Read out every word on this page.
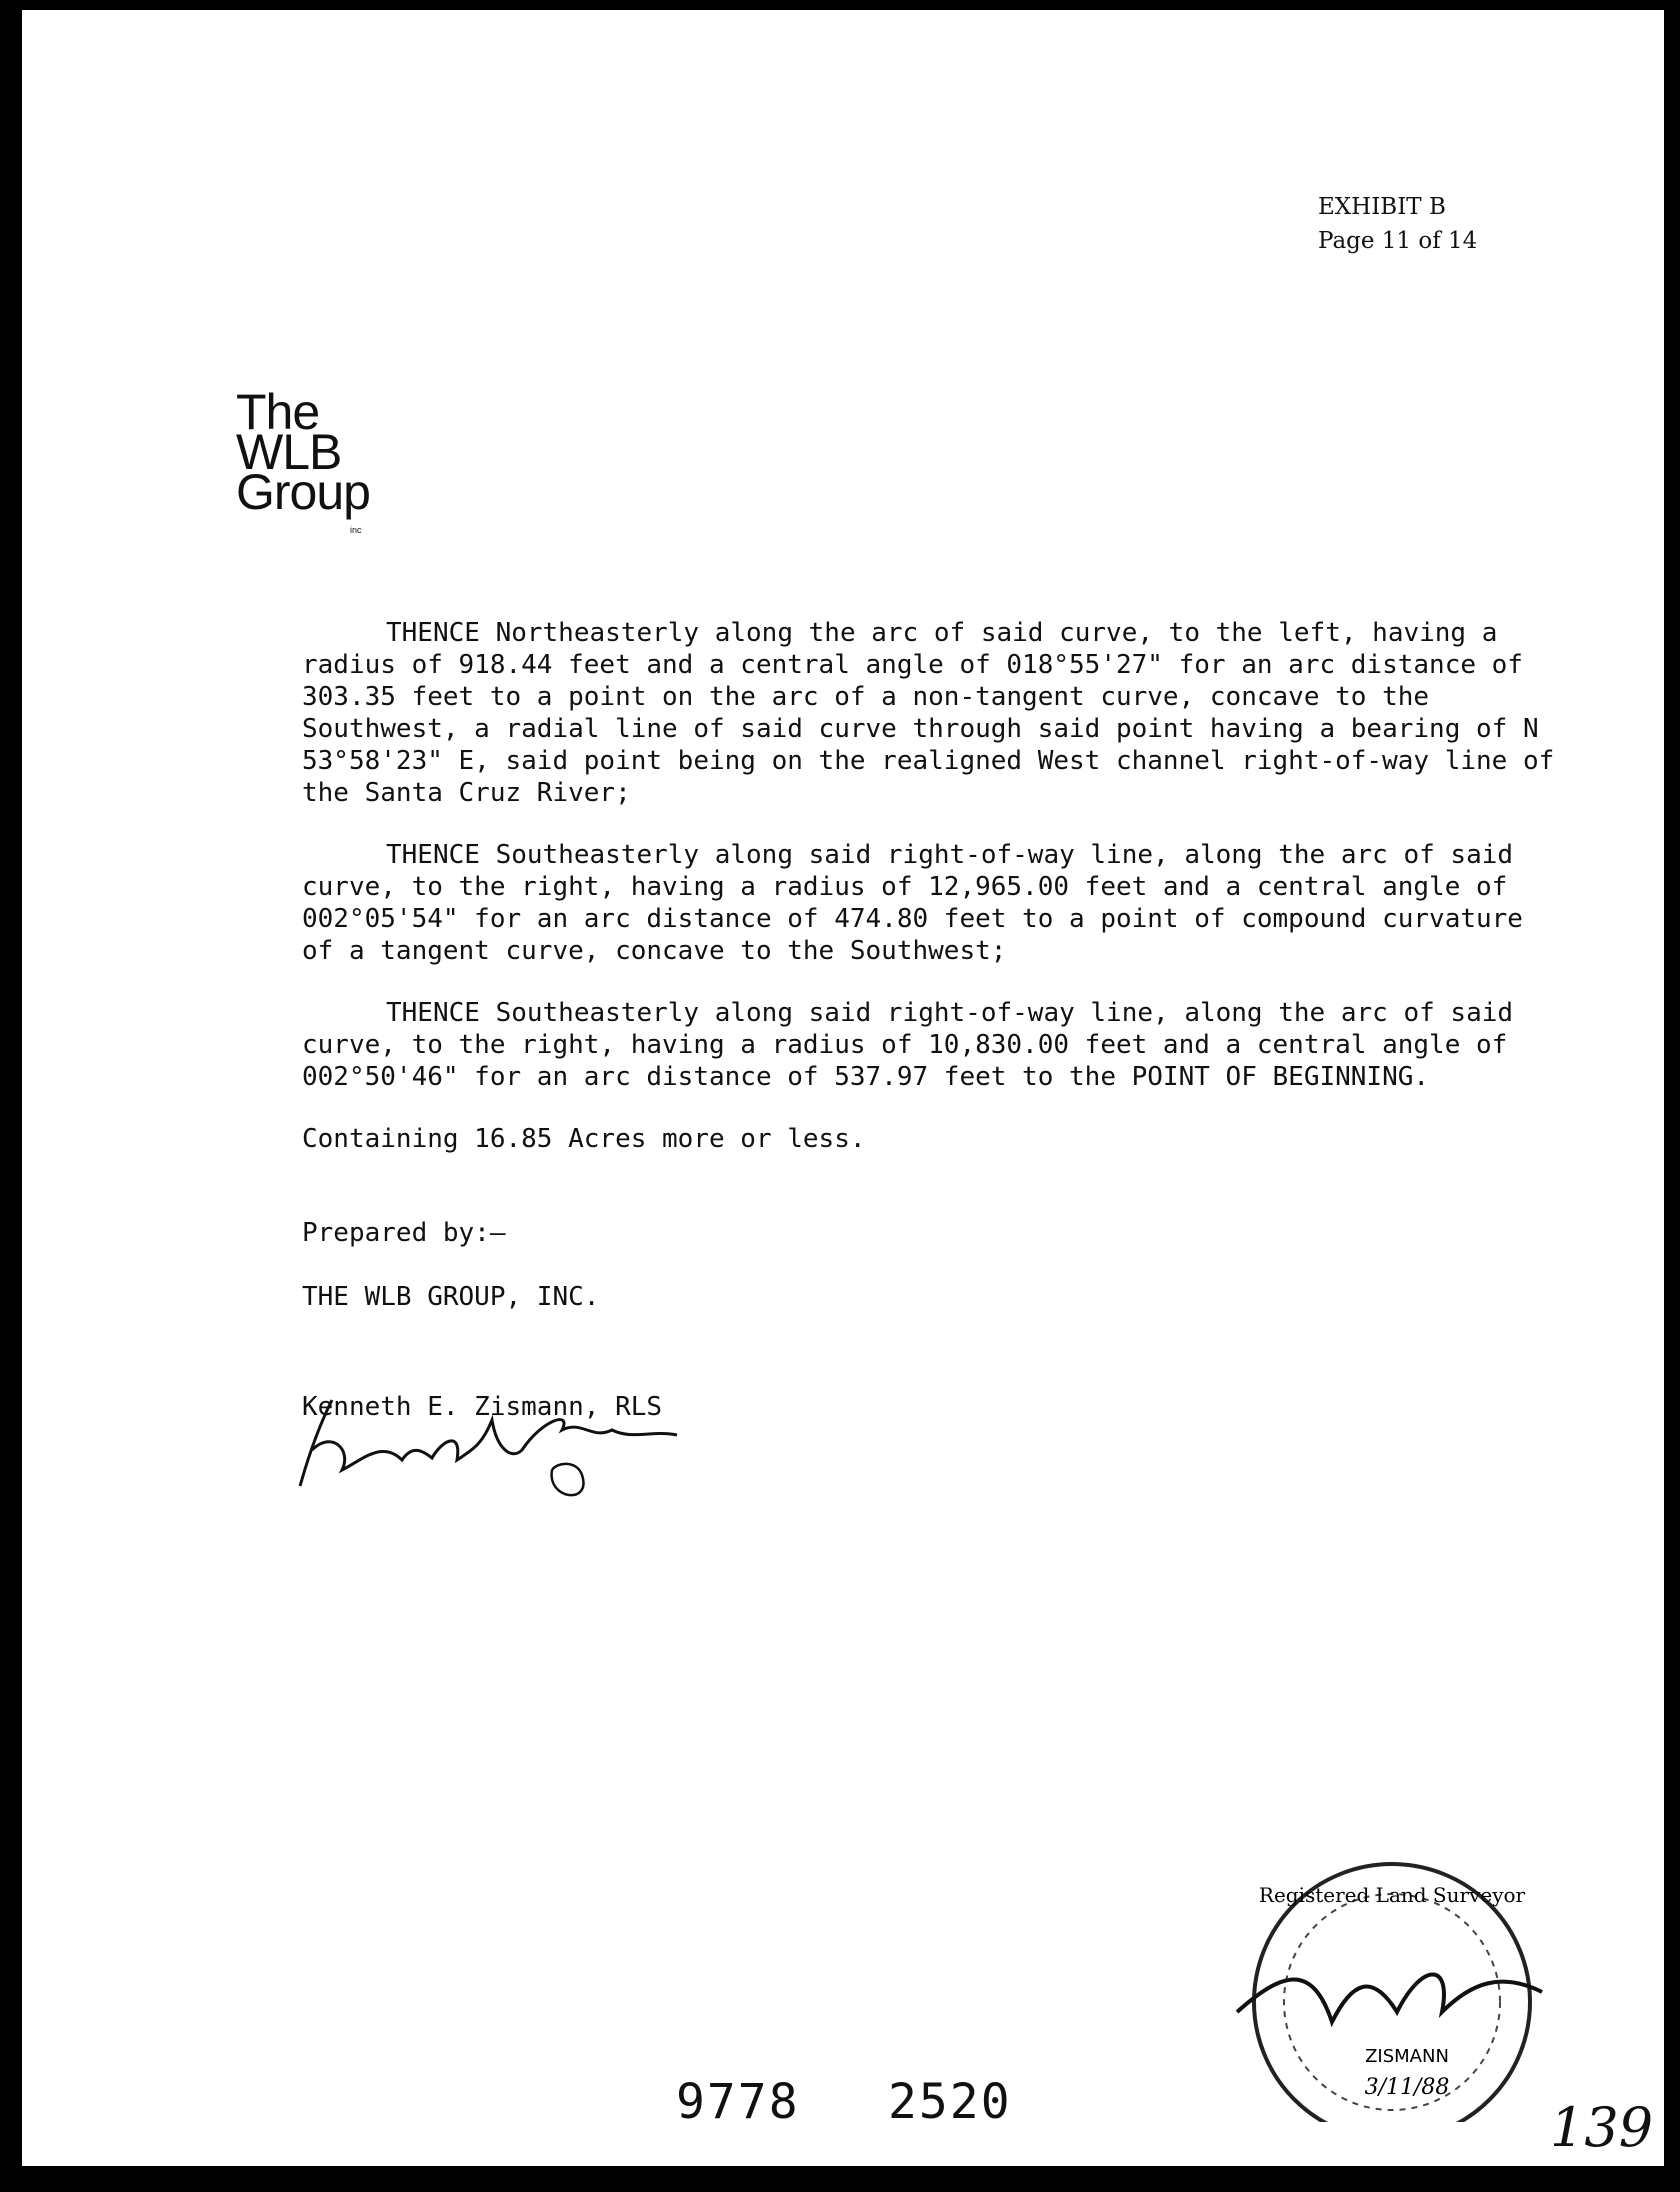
EXHIBIT B
Page 11 of 14
The
WLB
Group
inc

THENCE Northeasterly along the arc of said curve, to the left, having a radius of 918.44 feet and a central angle of 018°55'27" for an arc distance of 303.35 feet to a point on the arc of a non-tangent curve, concave to the Southwest, a radial line of said curve through said point having a bearing of N 53°58'23" E, said point being on the realigned West channel right-of-way line of the Santa Cruz River;

THENCE Southeasterly along said right-of-way line, along the arc of said curve, to the right, having a radius of 12,965.00 feet and a central angle of 002°05'54" for an arc distance of 474.80 feet to a point of compound curvature of a tangent curve, concave to the Southwest;

THENCE Southeasterly along said right-of-way line, along the arc of said curve, to the right, having a radius of 10,830.00 feet and a central angle of 002°50'46" for an arc distance of 537.97 feet to the POINT OF BEGINNING.

Containing 16.85 Acres more or less.

Prepared by:—

THE WLB GROUP, INC.

Kenneth E. Zismann, RLS

Registered Land Surveyor
ZISMANN
3/11/88
9778 2520	139
